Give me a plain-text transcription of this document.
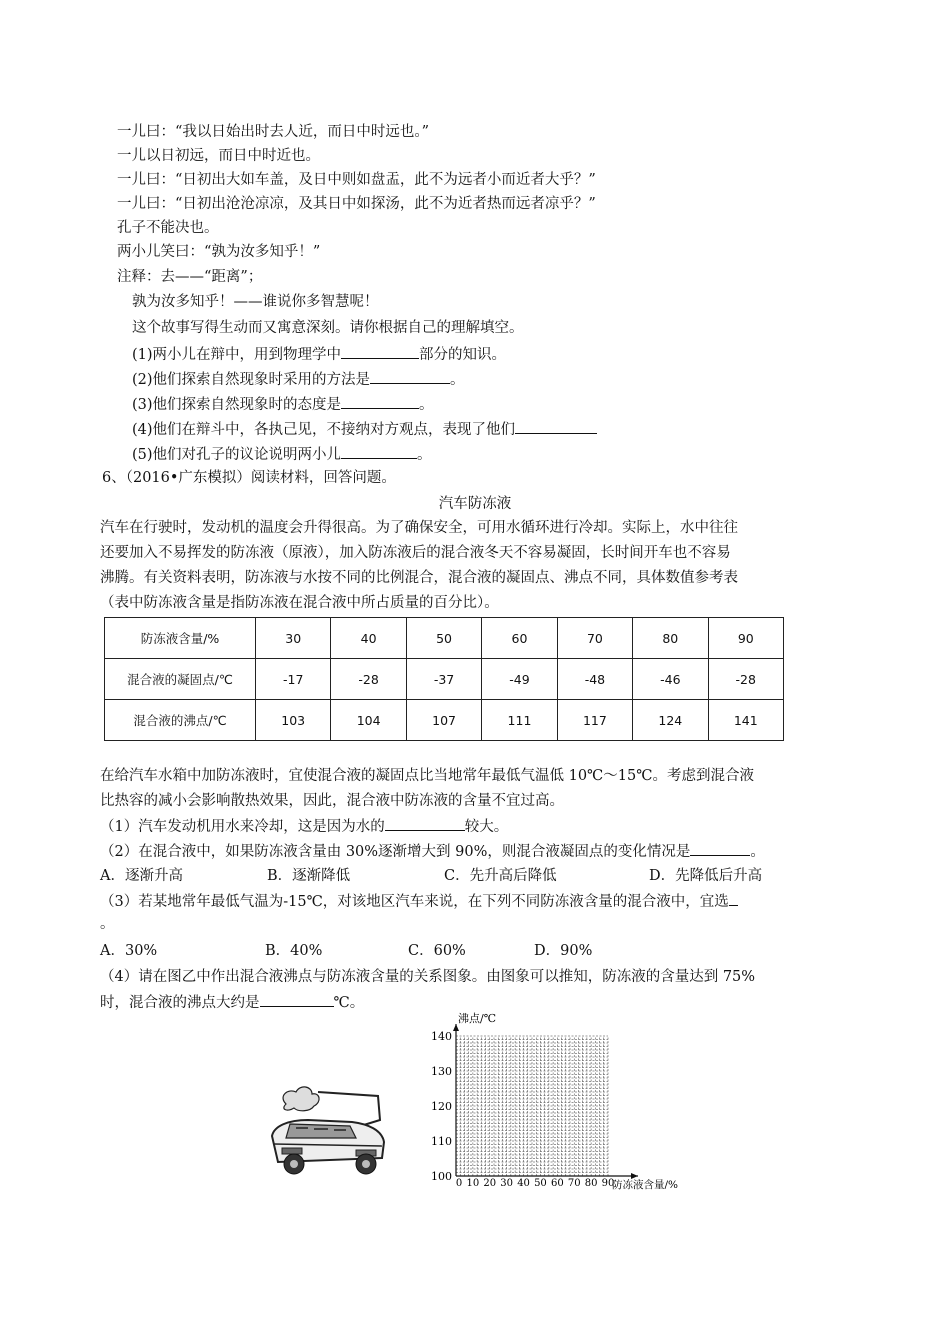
一儿曰：“我以日始出时去人近，而日中时远也。”
一儿以日初远，而日中时近也。
一儿曰：“日初出大如车盖，及日中则如盘盂，此不为远者小而近者大乎？”
一儿曰：“日初出沧沧凉凉，及其日中如探汤，此不为近者热而远者凉乎？”
孔子不能决也。
两小儿笑曰：“孰为汝多知乎！”
注释：去——“距离”；
孰为汝多知乎！——谁说你多智慧呢！
这个故事写得生动而又寓意深刻。请你根据自己的理解填空。
(1)两小儿在辩中，用到物理学中	部分的知识。
(2)他们探索自然现象时采用的方法是	。
(3)他们探索自然现象时的态度是	。
(4)他们在辩斗中，各执己见，不接纳对方观点，表现了他们
(5)他们对孔子的议论说明两小儿	。
6、（2016•广东模拟）阅读材料，回答问题。
汽车防冻液
汽车在行驶时，发动机的温度会升得很高。为了确保安全，可用水循环进行冷却。实际上，水中往往
还要加入不易挥发的防冻液（原液），加入防冻液后的混合液冬天不容易凝固，长时间开车也不容易
沸腾。有关资料表明，防冻液与水按不同的比例混合，混合液的凝固点、沸点不同，具体数值参考表
（表中防冻液含量是指防冻液在混合液中所占质量的百分比）。
防冻液含量/%	30	40	50	60	70	80	90
混合液的凝固点/℃	-17	-28	-37	-49	-48	-46	-28
混合液的沸点/℃	103	104	107	111	117	124	141
在给汽车水箱中加防冻液时，宜使混合液的凝固点比当地常年最低气温低 10℃～15℃。考虑到混合液
比热容的减小会影响散热效果，因此，混合液中防冻液的含量不宜过高。
（1）汽车发动机用水来冷却，这是因为水的	较大。
（2）在混合液中，如果防冻液含量由 30%逐渐增大到 90%，则混合液凝固点的变化情况是	。
A．逐渐升高	B．逐渐降低	C．先升高后降低	D．先降低后升高
（3）若某地常年最低气温为-15℃，对该地区汽车来说，在下列不同防冻液含量的混合液中，宜选
。
A．30%	B．40%	C．60%	D．90%
（4）请在图乙中作出混合液沸点与防冻液含量的关系图象。由图象可以推知，防冻液的含量达到 75%
时，混合液的沸点大约是	℃。
100
110
120
130
140
0 10 20 30 40 50 60 70 80 90
沸点/℃
防冻液含量/%
